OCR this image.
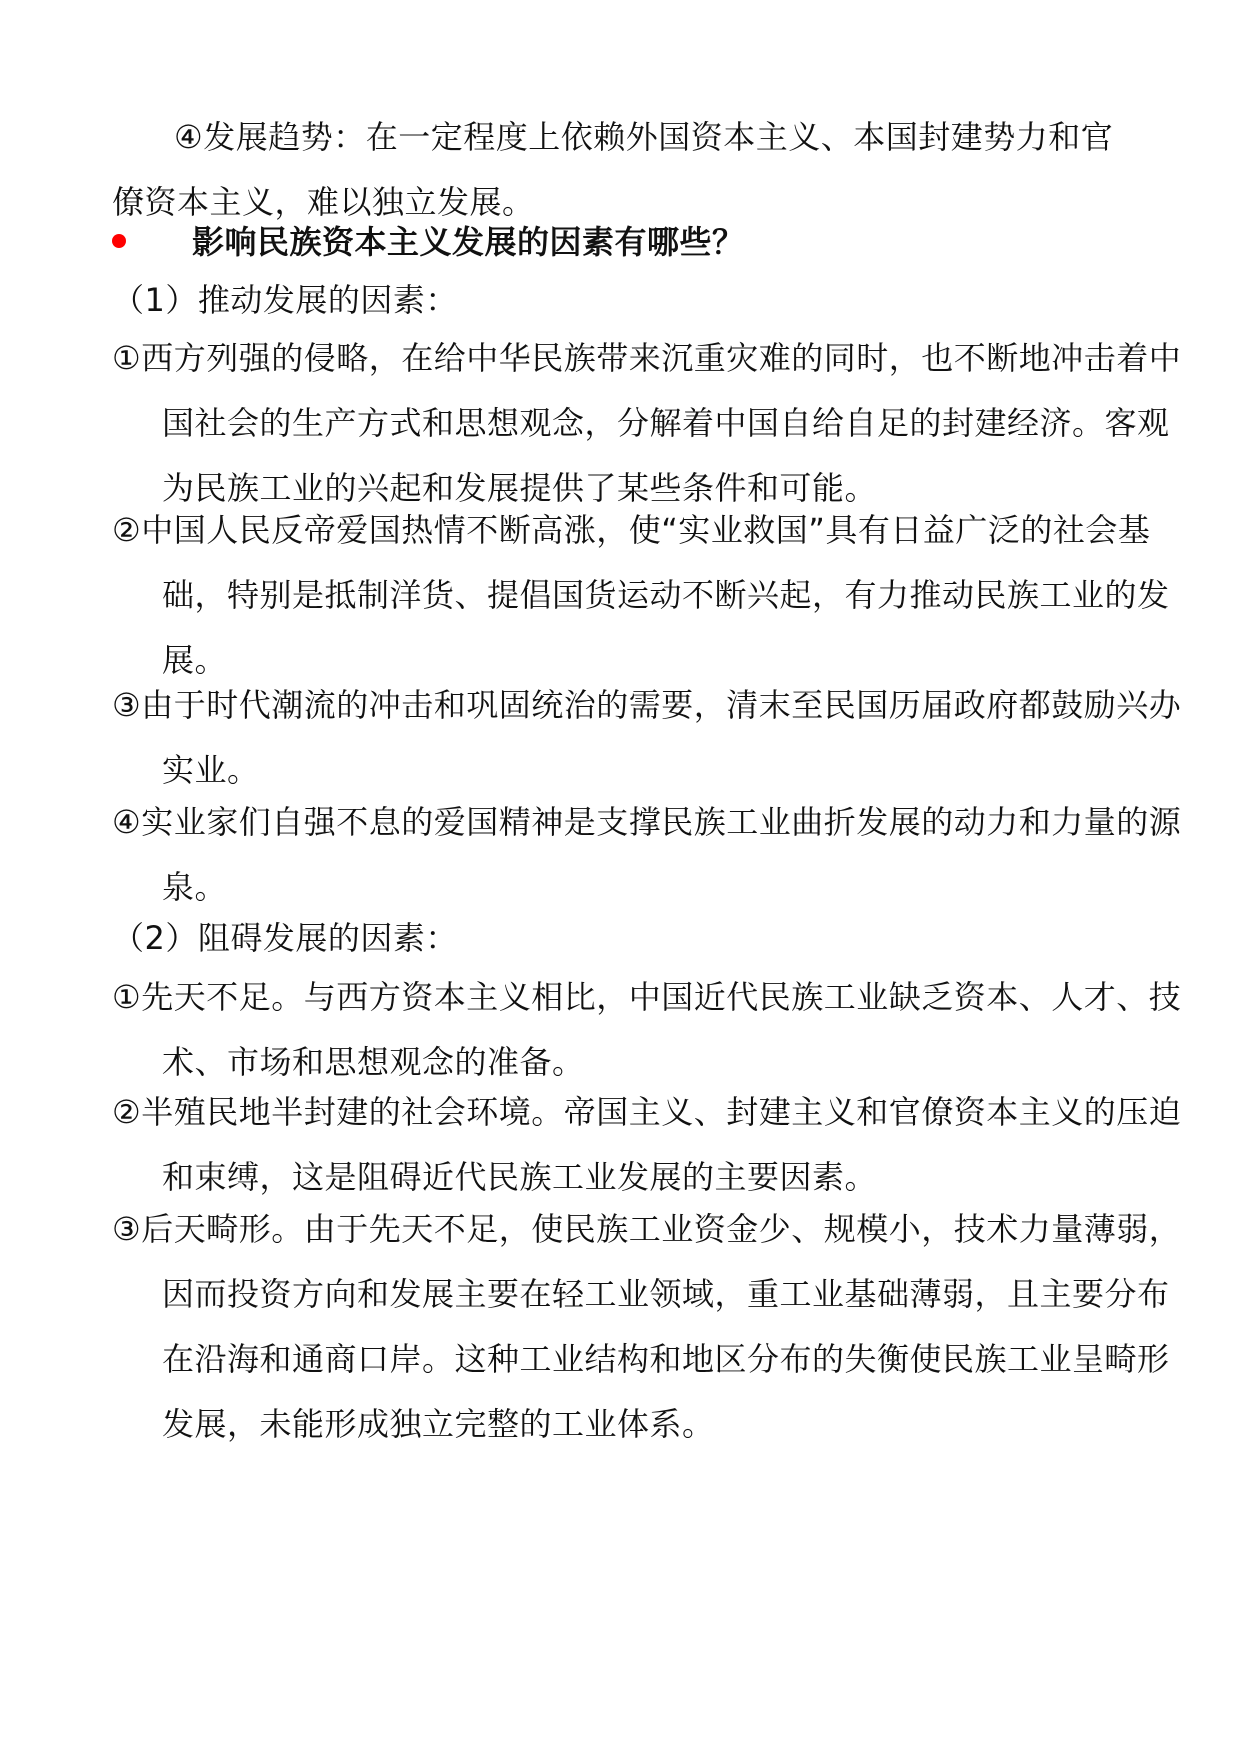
④发展趋势：在一定程度上依赖外国资本主义、本国封建势力和官僚资本主义，难以独立发展。
影响民族资本主义发展的因素有哪些？
（1）推动发展的因素：
①西方列强的侵略，在给中华民族带来沉重灾难的同时，也不断地冲击着中国社会的生产方式和思想观念，分解着中国自给自足的封建经济。客观为民族工业的兴起和发展提供了某些条件和可能。
②中国人民反帝爱国热情不断高涨，使“实业救国”具有日益广泛的社会基础，特别是抵制洋货、提倡国货运动不断兴起，有力推动民族工业的发展。
③由于时代潮流的冲击和巩固统治的需要，清末至民国历届政府都鼓励兴办实业。
④实业家们自强不息的爱国精神是支撑民族工业曲折发展的动力和力量的源泉。
（2）阻碍发展的因素：
①先天不足。与西方资本主义相比，中国近代民族工业缺乏资本、人才、技术、市场和思想观念的准备。
②半殖民地半封建的社会环境。帝国主义、封建主义和官僚资本主义的压迫和束缚，这是阻碍近代民族工业发展的主要因素。
③后天畸形。由于先天不足，使民族工业资金少、规模小，技术力量薄弱，因而投资方向和发展主要在轻工业领域，重工业基础薄弱，且主要分布在沿海和通商口岸。这种工业结构和地区分布的失衡使民族工业呈畸形发展，未能形成独立完整的工业体系。
